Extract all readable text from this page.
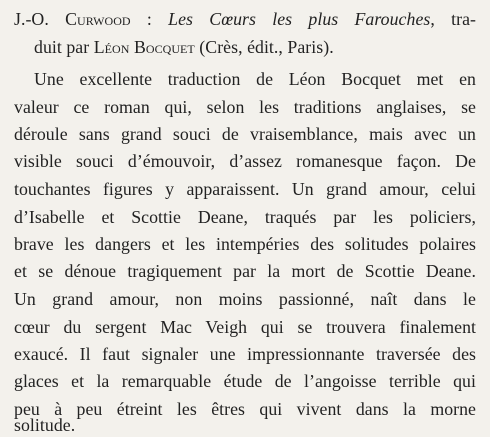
J.-O. Curwood : Les Cœurs les plus Farouches, tra-

duit par Léon Bocquet (Crès, édit., Paris).

Une excellente traduction de Léon Bocquet met en

valeur ce roman qui, selon les traditions anglaises, se

déroule sans grand souci de vraisemblance, mais avec un

visible souci d’émouvoir, d’assez romanesque façon. De

touchantes figures y apparaissent. Un grand amour, celui

d’Isabelle et Scottie Deane, traqués par les policiers,

brave les dangers et les intempéries des solitudes polaires

et se dénoue tragiquement par la mort de Scottie Deane.

Un grand amour, non moins passionné, naît dans le

cœur du sergent Mac Veigh qui se trouvera finalement

exaucé. Il faut signaler une impressionnante traversée des

glaces et la remarquable étude de l’angoisse terrible qui

peu à peu étreint les êtres qui vivent dans la morne

solitude.
